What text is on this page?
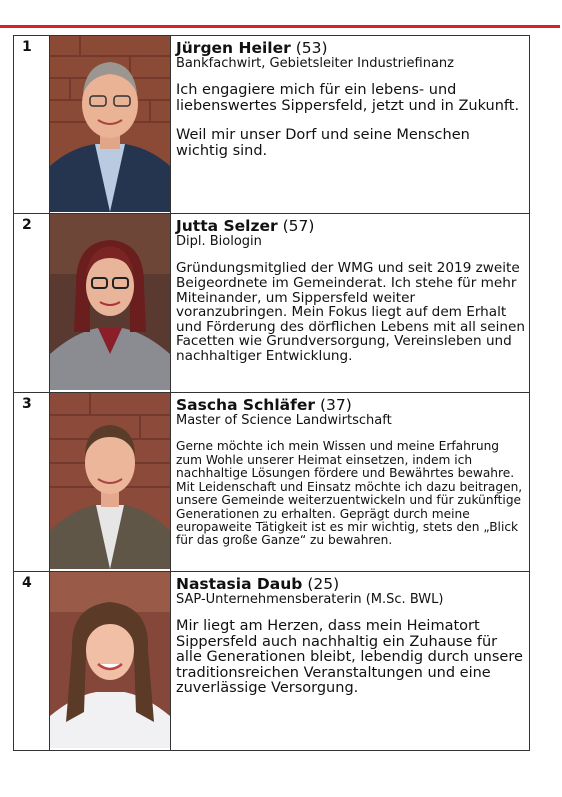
1		Jürgen Heiler (53)
Bankfachwirt, Gebietsleiter Industriefinanz
Ich engagiere mich für ein lebens- und liebenswertes Sippersfeld, jetzt und in Zukunft.
Weil mir unser Dorf und seine Menschen wichtig sind.

2		Jutta Selzer (57)
Dipl. Biologin
Gründungsmitglied der WMG und seit 2019 zweite Beigeordnete im Gemeinderat. Ich stehe für mehr Miteinander, um Sippersfeld weiter voranzubringen. Mein Fokus liegt auf dem Erhalt und Förderung des dörflichen Lebens mit all seinen Facetten wie Grundversorgung, Vereinsleben und nachhaltiger Entwicklung.

3		Sascha Schläfer (37)
Master of Science Landwirtschaft
Gerne möchte ich mein Wissen und meine Erfahrung zum Wohle unserer Heimat einsetzen, indem ich nachhaltige Lösungen fördere und Bewährtes bewahre. Mit Leidenschaft und Einsatz möchte ich dazu beitragen, unsere Gemeinde weiterzuentwickeln und für zukünftige Generationen zu erhalten. Geprägt durch meine europaweite Tätigkeit ist es mir wichtig, stets den „Blick für das große Ganze“ zu bewahren.

4		Nastasia Daub (25)
SAP-Unternehmensberaterin (M.Sc. BWL)
Mir liegt am Herzen, dass mein Heimatort Sippersfeld auch nachhaltig ein Zuhause für alle Generationen bleibt, lebendig durch unsere traditionsreichen Veranstaltungen und eine zuverlässige Versorgung.
